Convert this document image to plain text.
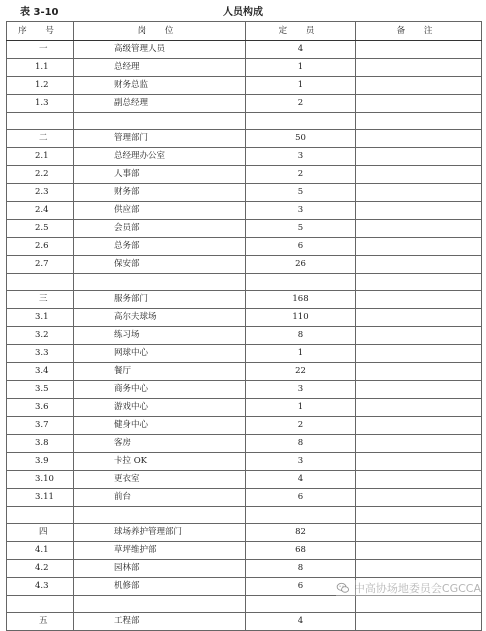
表 3-10	人员构成
序 号	岗 位	定 员	备 注
一	高级管理人员	4	
1.1	总经理	1	
1.2	财务总监	1	
1.3	副总经理	2	

二	管理部门	50	
2.1	总经理办公室	3	
2.2	人事部	2	
2.3	财务部	5	
2.4	供应部	3	
2.5	会员部	5	
2.6	总务部	6	
2.7	保安部	26	

三	服务部门	168	
3.1	高尔夫球场	110	
3.2	练习场	8	
3.3	网球中心	1	
3.4	餐厅	22	
3.5	商务中心	3	
3.6	游戏中心	1	
3.7	健身中心	2	
3.8	客房	8	
3.9	卡拉 OK	3	
3.10	更衣室	4	
3.11	前台	6	

四	球场养护管理部门	82	
4.1	草坪维护部	68	
4.2	园林部	8	
4.3	机修部	6	

五	工程部	4	
中高协场地委员会CGCCA
